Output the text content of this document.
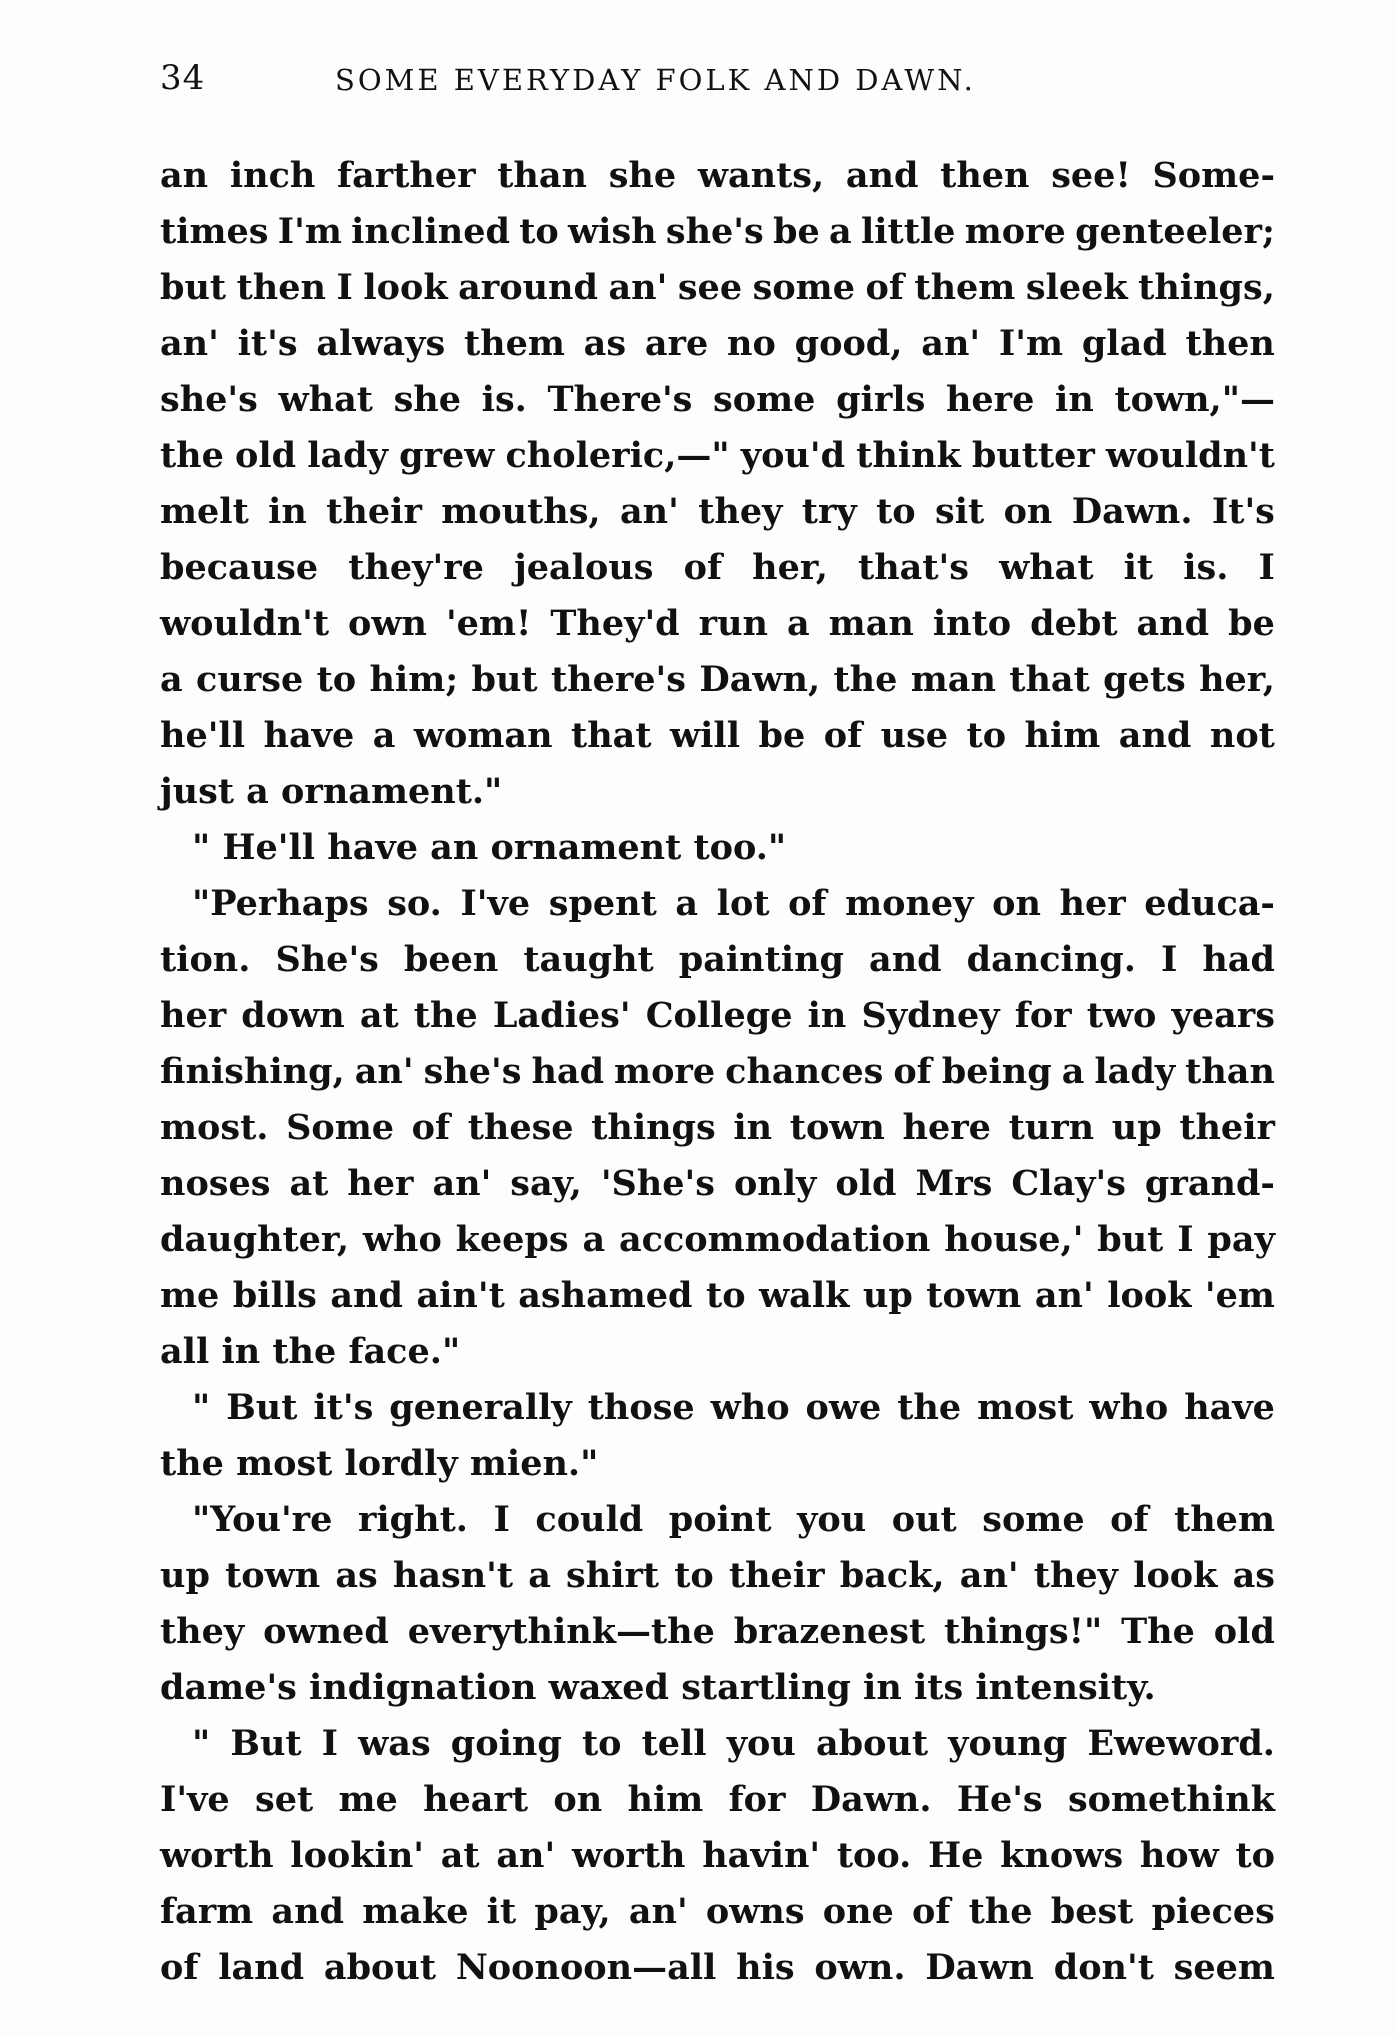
34	SOME EVERYDAY FOLK AND DAWN.
an inch farther than she wants, and then see! Some-
times I'm inclined to wish she's be a little more genteeler;
but then I look around an' see some of them sleek things,
an' it's always them as are no good, an' I'm glad then
she's what she is. There's some girls here in town,"—
the old lady grew choleric,—" you'd think butter wouldn't
melt in their mouths, an' they try to sit on Dawn. It's
because they're jealous of her, that's what it is. I
wouldn't own 'em! They'd run a man into debt and be
a curse to him; but there's Dawn, the man that gets her,
he'll have a woman that will be of use to him and not
just a ornament."
" He'll have an ornament too."
"Perhaps so. I've spent a lot of money on her educa-
tion. She's been taught painting and dancing. I had
her down at the Ladies' College in Sydney for two years
finishing, an' she's had more chances of being a lady than
most. Some of these things in town here turn up their
noses at her an' say, 'She's only old Mrs Clay's grand-
daughter, who keeps a accommodation house,' but I pay
me bills and ain't ashamed to walk up town an' look 'em
all in the face."
" But it's generally those who owe the most who have
the most lordly mien."
"You're right. I could point you out some of them
up town as hasn't a shirt to their back, an' they look as
they owned everythink—the brazenest things!" The old
dame's indignation waxed startling in its intensity.
" But I was going to tell you about young Eweword.
I've set me heart on him for Dawn. He's somethink
worth lookin' at an' worth havin' too. He knows how to
farm and make it pay, an' owns one of the best pieces
of land about Noonoon—all his own. Dawn don't seem
